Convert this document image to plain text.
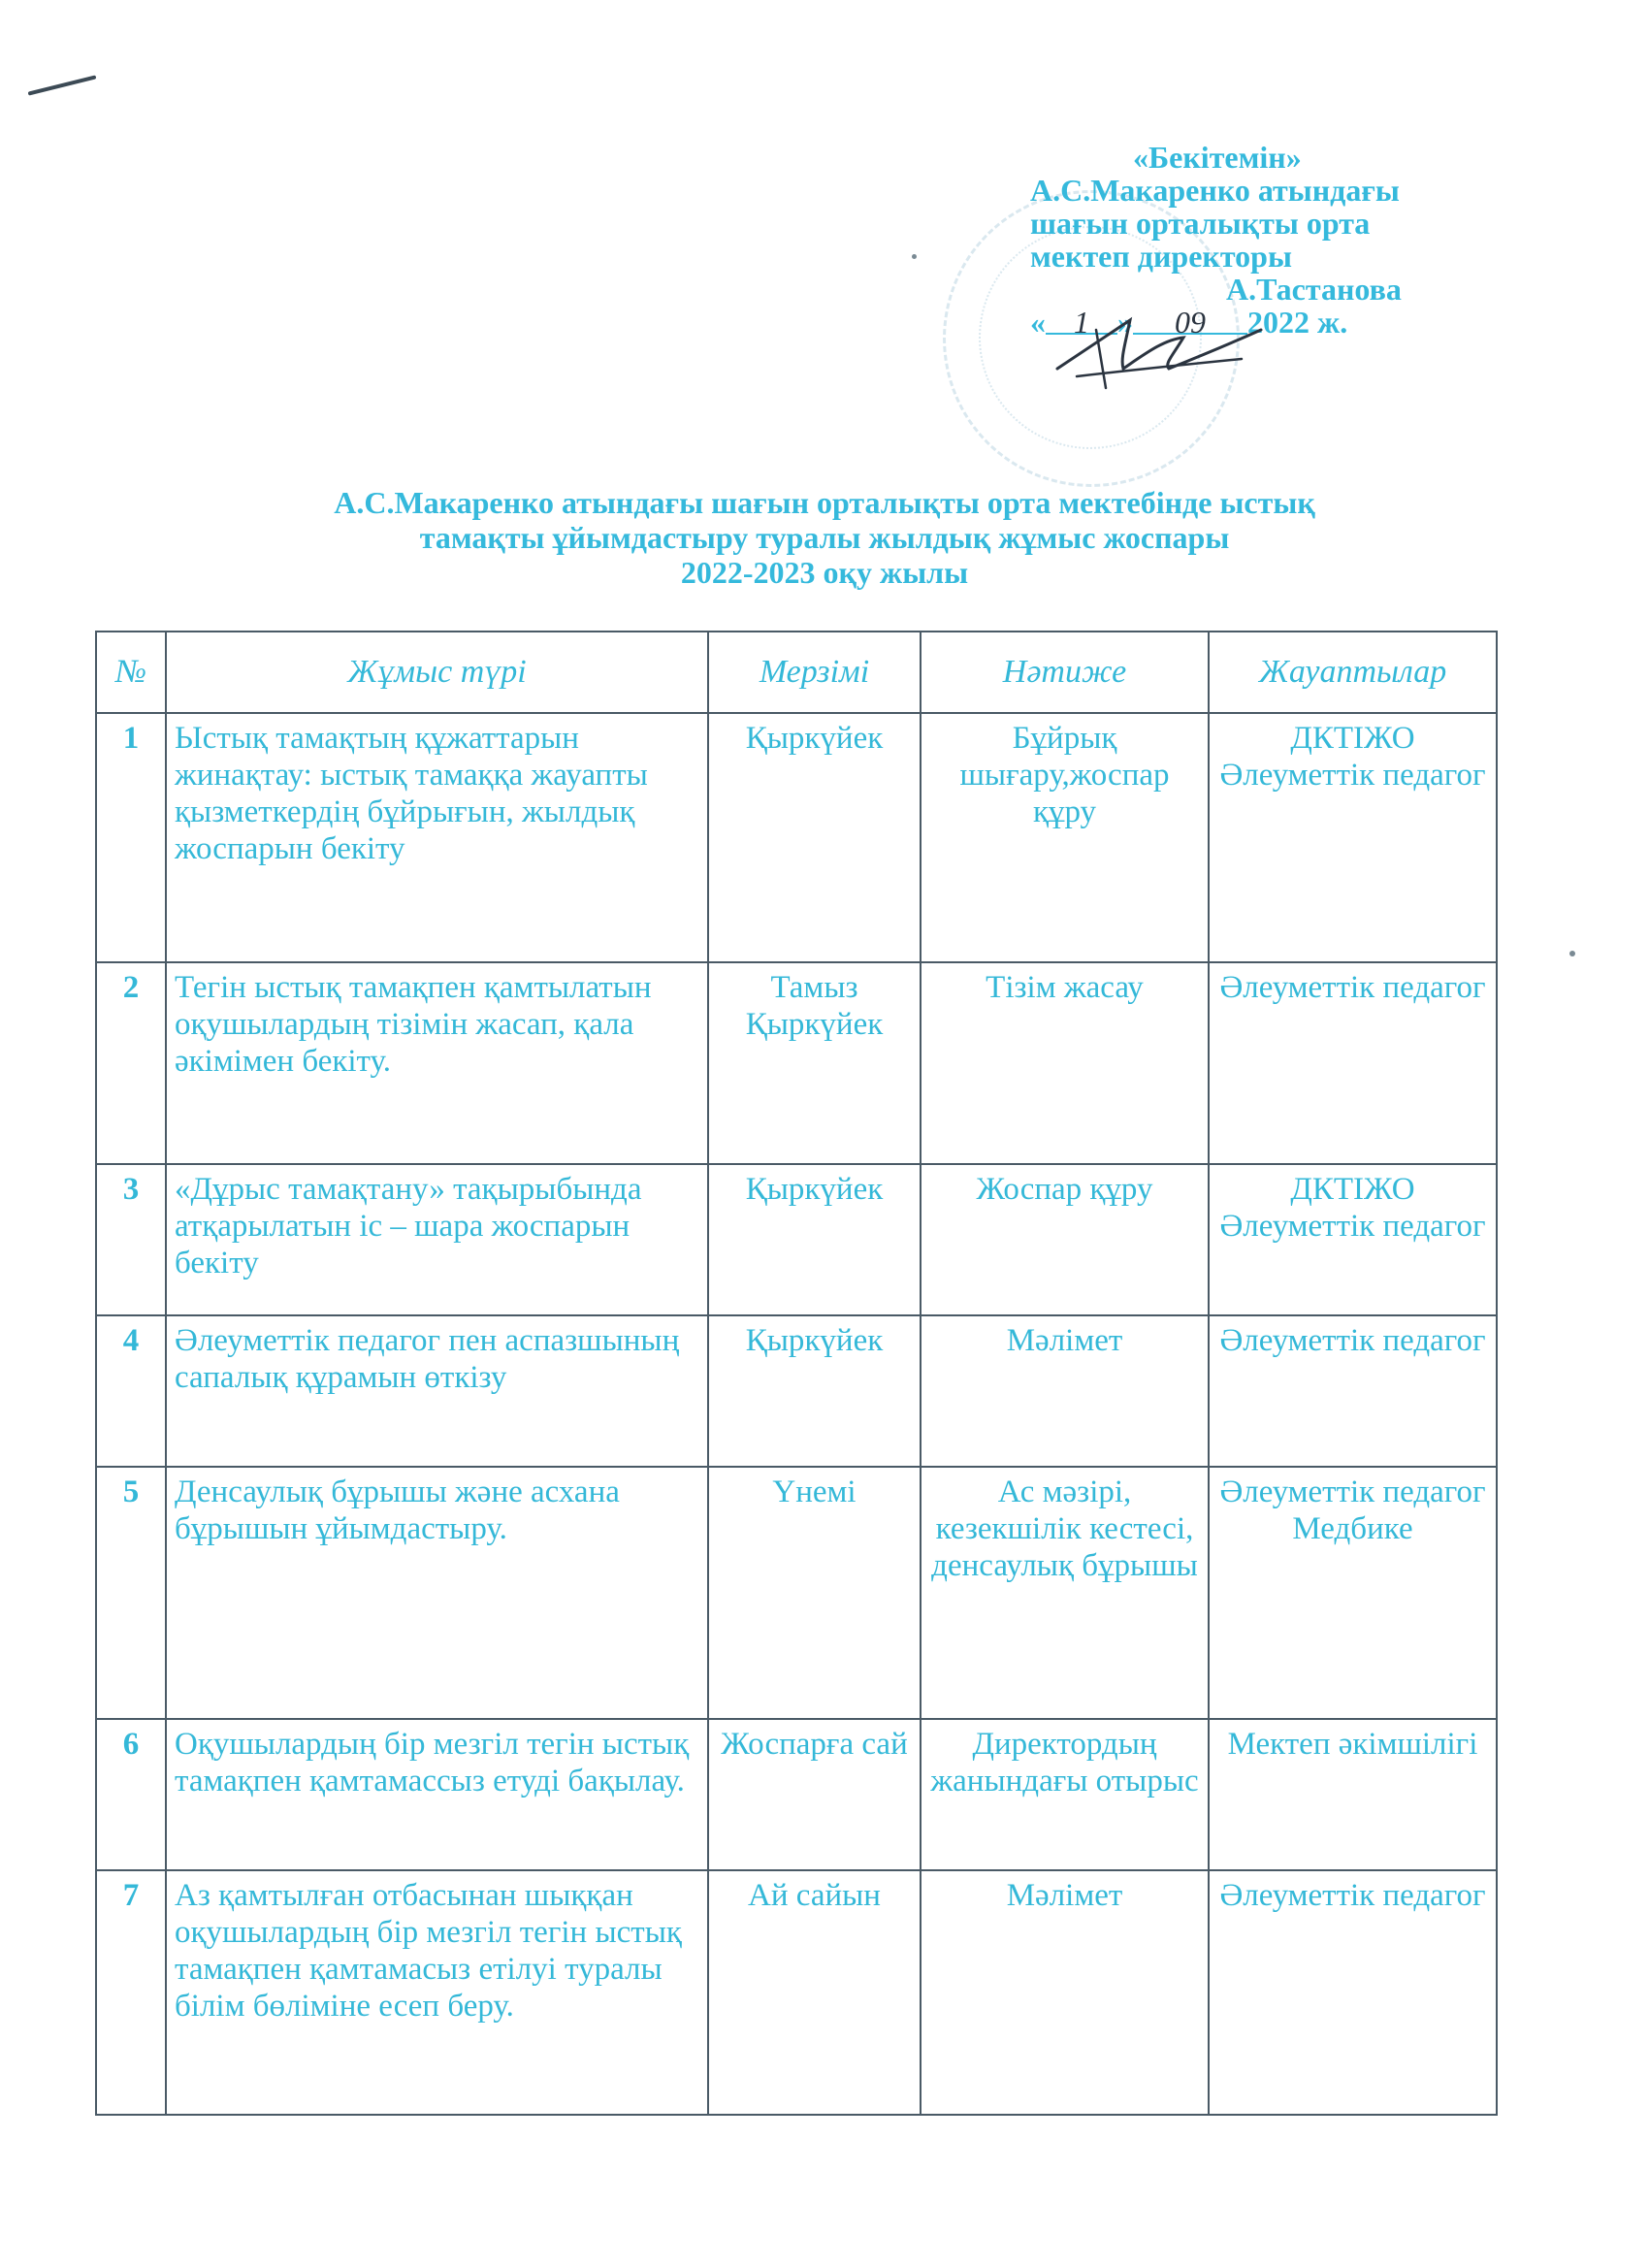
«Бекітемін»
А.С.Макаренко атындағы
шағын орталықты орта
мектеп директоры
А.Тастанова
« 1 » 09 2022 ж.
А.С.Макаренко атындағы шағын орталықты орта мектебінде ыстық
тамақты ұйымдастыру туралы жылдық жұмыс жоспары
2022-2023 оқу жылы
№	Жұмыс түрі	Мерзімі	Нәтиже	Жауаптылар
1	Ыстық тамақтың құжаттарын жинақтау: ыстық тамаққа жауапты қызметкердің бұйрығын, жылдық жоспарын бекіту	Қыркүйек	Бұйрық шығару,жоспар құру	ДКТІЖО Әлеуметтік педагог
2	Тегін ыстық тамақпен қамтылатын оқушылардың тізімін жасап, қала әкімімен бекіту.	Тамыз Қыркүйек	Тізім жасау	Әлеуметтік педагог
3	«Дұрыс тамақтану» тақырыбында атқарылатын іс – шара жоспарын бекіту	Қыркүйек	Жоспар құру	ДКТІЖО Әлеуметтік педагог
4	Әлеуметтік педагог пен аспазшының сапалық құрамын өткізу	Қыркүйек	Мәлімет	Әлеуметтік педагог
5	Денсаулық бұрышы және асхана бұрышын ұйымдастыру.	Үнемі	Ас мәзірі, кезекшілік кестесі, денсаулық бұрышы	Әлеуметтік педагог Медбике
6	Оқушылардың бір мезгіл тегін ыстық тамақпен қамтамассыз етуді бақылау.	Жоспарға сай	Директордың жанындағы отырыс	Мектеп әкімшілігі
7	Аз қамтылған отбасынан шыққан оқушылардың бір мезгіл тегін ыстық тамақпен қамтамасыз етілуі туралы білім бөліміне есеп беру.	Ай сайын	Мәлімет	Әлеуметтік педагог
